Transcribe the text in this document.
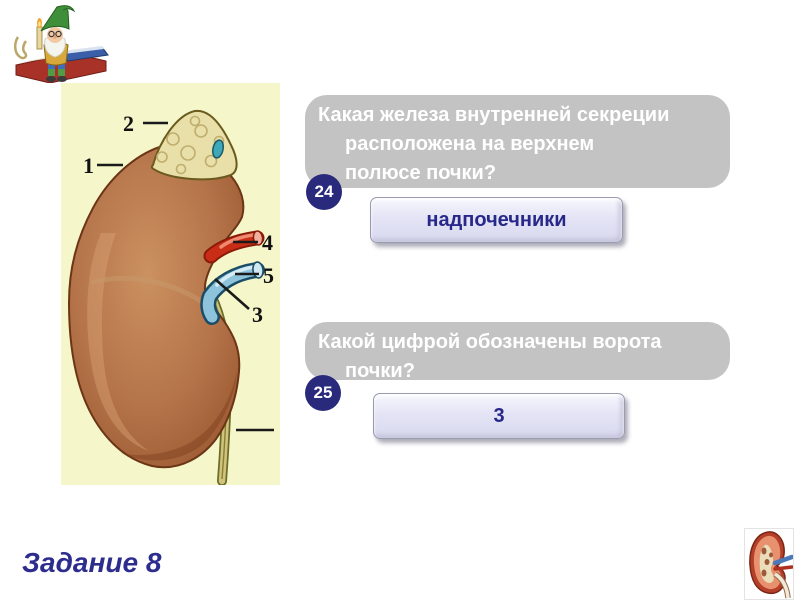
1
2
3
4
5
Какая железа внутренней секреции
расположена на верхнем
полюсе почки?
24
надпочечники
Какой цифрой обозначены ворота
почки?
25
3
Задание 8
